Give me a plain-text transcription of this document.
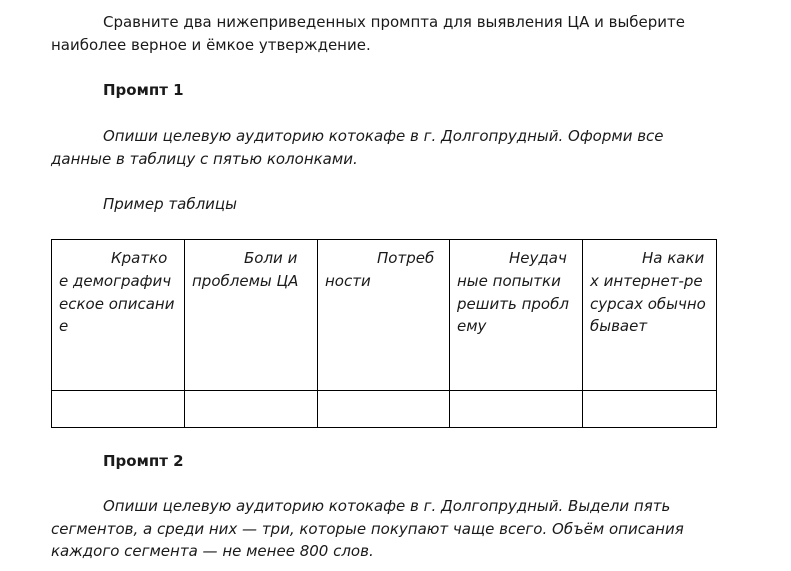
Сравните два нижеприведенных промпта для выявления ЦА и выберите наиболее верное и ёмкое утверждение.

Промпт 1

Опиши целевую аудиторию котокафе в г. Долгопрудный. Оформи все данные в таблицу с пятью колонками.

Пример таблицы

Краткое демографическое описание	Боли и проблемы ЦА	Потребности	Неудачные попытки решить проблему	На каких интернет-ресурсах обычно бывает

Промпт 2

Опиши целевую аудиторию котокафе в г. Долгопрудный. Выдели пять сегментов, а среди них — три, которые покупают чаще всего. Объём описания каждого сегмента — не менее 800 слов.
